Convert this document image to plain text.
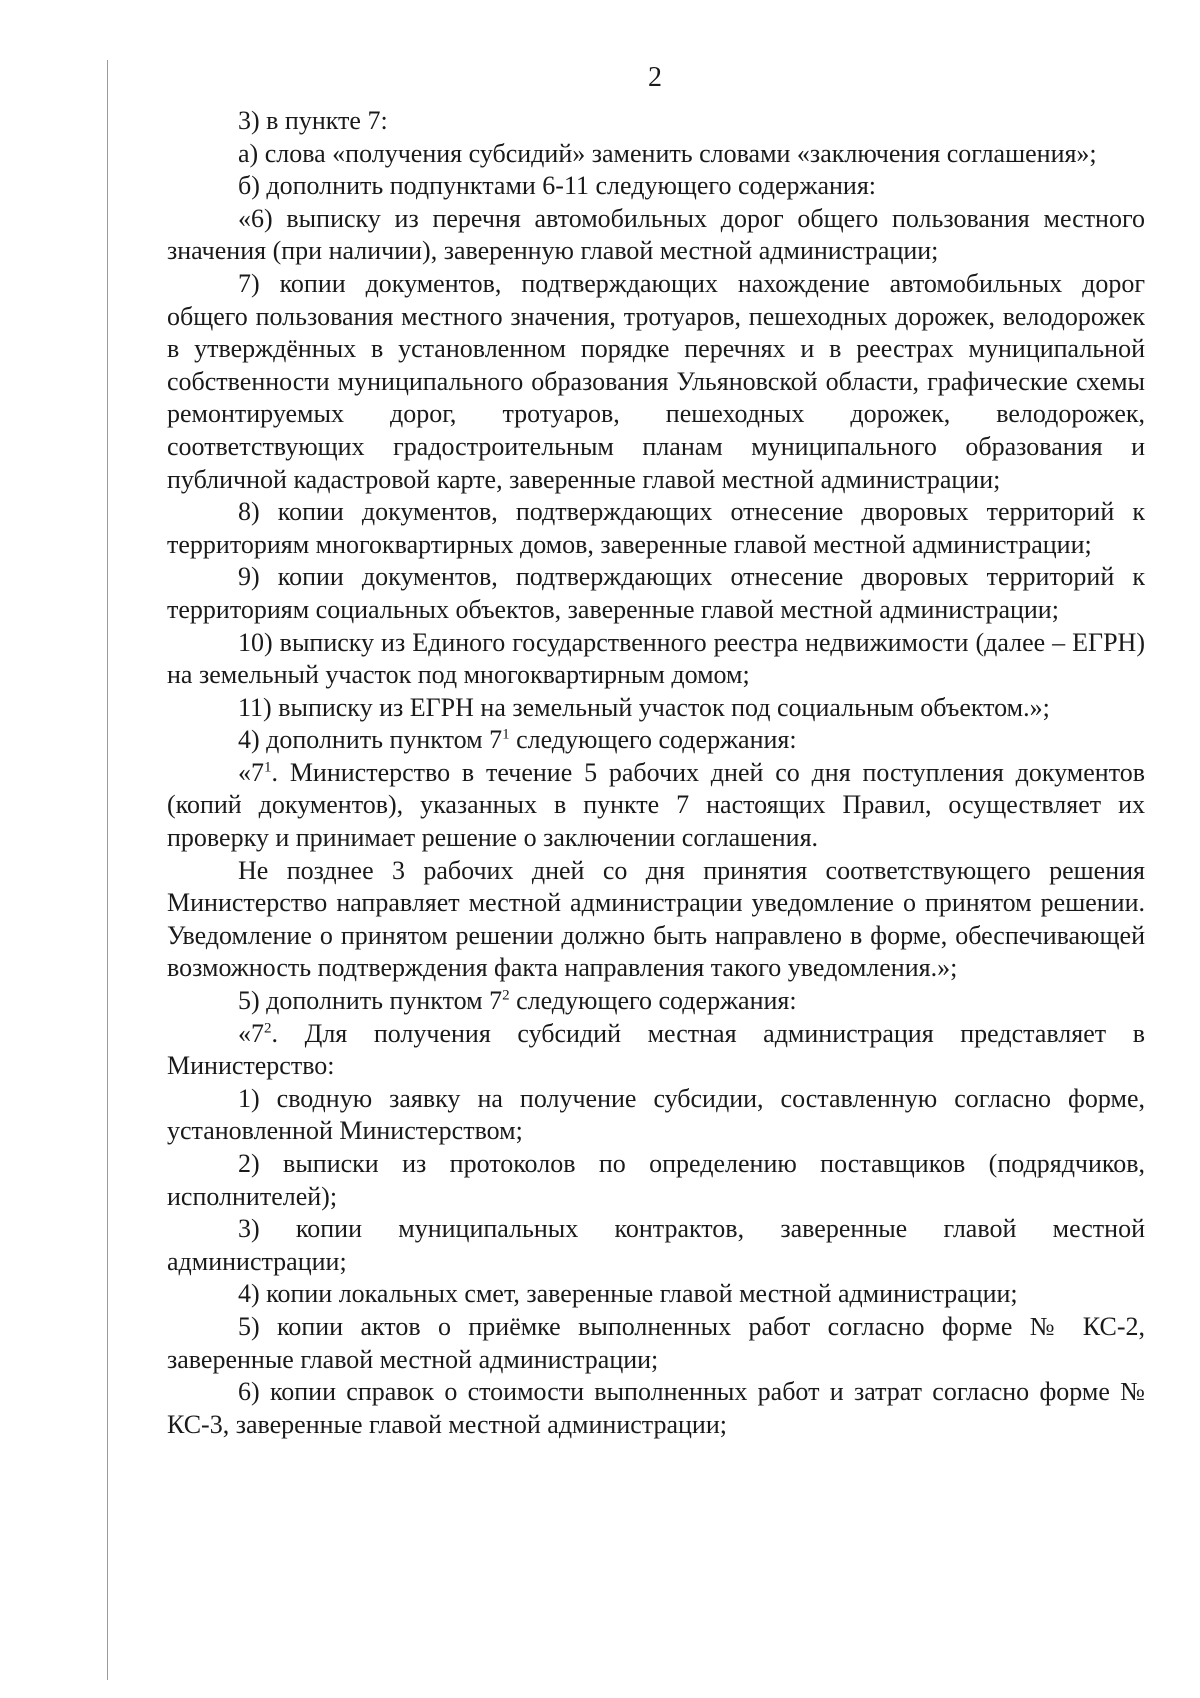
2

3) в пункте 7:

а) слова «получения субсидий» заменить словами «заключения соглашения»;

б) дополнить подпунктами 6-11 следующего содержания:

«6) выписку из перечня автомобильных дорог общего пользования местного значения (при наличии), заверенную главой местной администрации;

7) копии документов, подтверждающих нахождение автомобильных дорог общего пользования местного значения, тротуаров, пешеходных дорожек, велодорожек в утверждённых в установленном порядке перечнях и в реестрах муниципальной собственности муниципального образования Ульяновской области, графические схемы ремонтируемых дорог, тротуаров, пешеходных дорожек, велодорожек, соответствующих градостроительным планам муниципального образования и публичной кадастровой карте, заверенные главой местной администрации;

8) копии документов, подтверждающих отнесение дворовых территорий к территориям многоквартирных домов, заверенные главой местной администрации;

9) копии документов, подтверждающих отнесение дворовых территорий к территориям социальных объектов, заверенные главой местной администрации;

10) выписку из Единого государственного реестра недвижимости (далее – ЕГРН) на земельный участок под многоквартирным домом;

11) выписку из ЕГРН на земельный участок под социальным объектом.»;

4) дополнить пунктом $7^1$ следующего содержания:

«$7^1$. Министерство в течение 5 рабочих дней со дня поступления документов (копий документов), указанных в пункте 7 настоящих Правил, осуществляет их проверку и принимает решение о заключении соглашения.

Не позднее 3 рабочих дней со дня принятия соответствующего решения Министерство направляет местной администрации уведомление о принятом решении. Уведомление о принятом решении должно быть направлено в форме, обеспечивающей возможность подтверждения факта направления такого уведомления.»;

5) дополнить пунктом $7^2$ следующего содержания:

«$7^2$. Для получения субсидий местная администрация представляет в Министерство:

1) сводную заявку на получение субсидии, составленную согласно форме, установленной Министерством;

2) выписки из протоколов по определению поставщиков (подрядчиков, исполнителей);

3) копии муниципальных контрактов, заверенные главой местной администрации;

4) копии локальных смет, заверенные главой местной администрации;

5) копии актов о приёмке выполненных работ согласно форме № КС-2, заверенные главой местной администрации;

6) копии справок о стоимости выполненных работ и затрат согласно форме № КС-3, заверенные главой местной администрации;
